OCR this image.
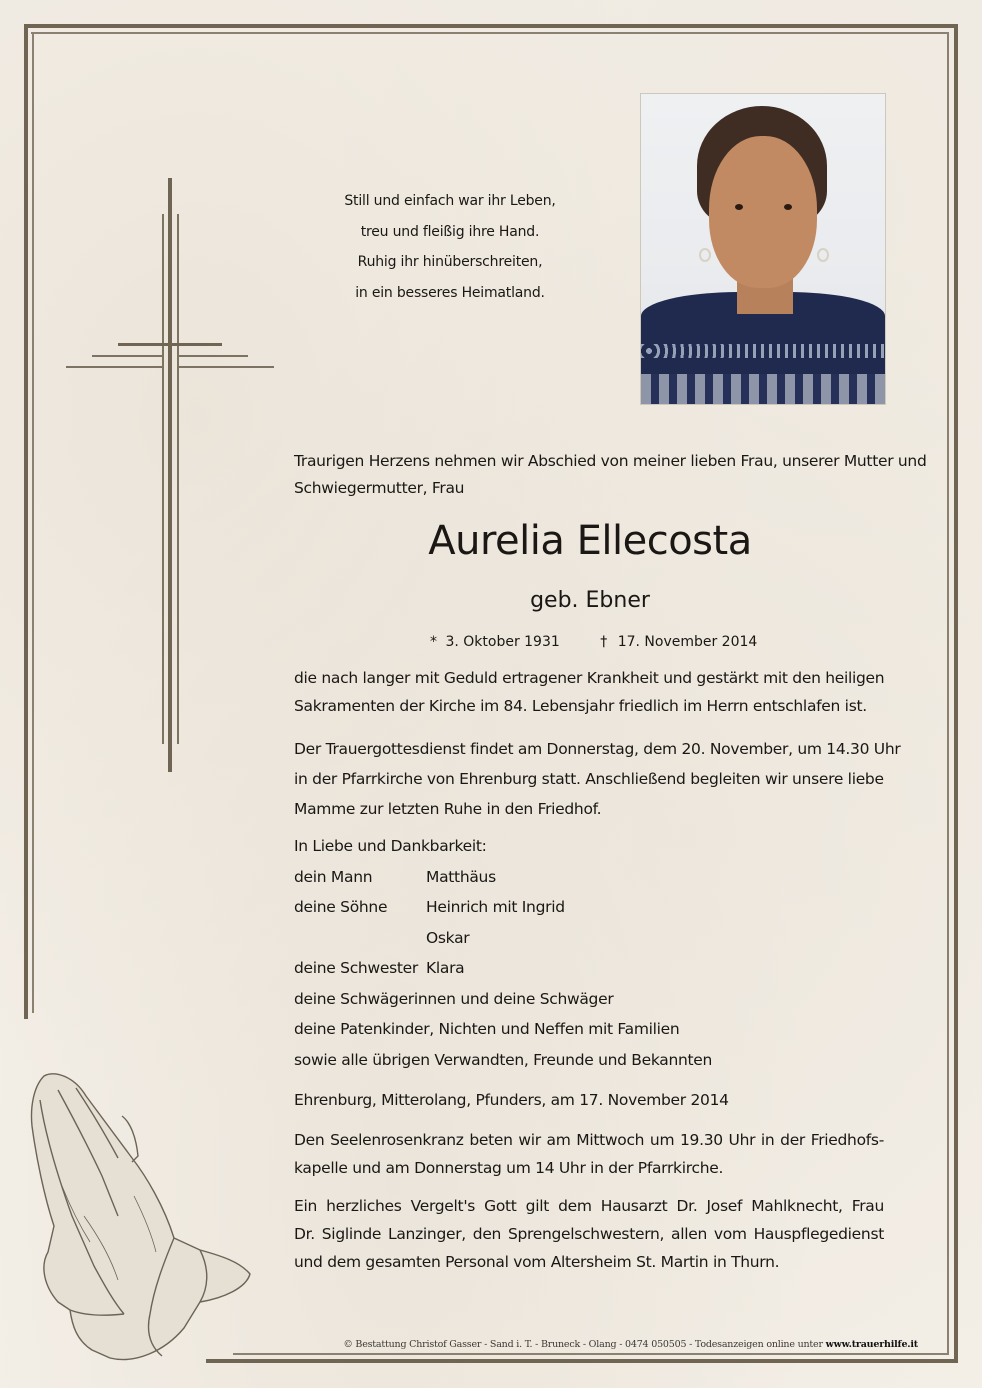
Still und einfach war ihr Leben,
treu und fleißig ihre Hand.
Ruhig ihr hinüberschreiten,
in ein besseres Heimatland.
Traurigen Herzens nehmen wir Abschied von meiner lieben Frau, unserer Mutter und
Schwiegermutter, Frau
Aurelia Ellecosta
geb. Ebner
* 3. Oktober 1931	† 17. November 2014
die nach langer mit Geduld ertragener Krankheit und gestärkt mit den heiligen
Sakramenten der Kirche im 84. Lebensjahr friedlich im Herrn entschlafen ist.
Der Trauergottesdienst findet am Donnerstag, dem 20. November, um 14.30 Uhr
in der Pfarrkirche von Ehrenburg statt. Anschließend begleiten wir unsere liebe
Mamme zur letzten Ruhe in den Friedhof.
In Liebe und Dankbarkeit:
dein Mann	Matthäus
deine Söhne	Heinrich mit Ingrid
Oskar
deine Schwester Klara
deine Schwägerinnen und deine Schwäger
deine Patenkinder, Nichten und Neffen mit Familien
sowie alle übrigen Verwandten, Freunde und Bekannten
Ehrenburg, Mitterolang, Pfunders, am 17. November 2014
Den Seelenrosenkranz beten wir am Mittwoch um 19.30 Uhr in der Friedhofs-
kapelle und am Donnerstag um 14 Uhr in der Pfarrkirche.
Ein herzliches Vergelt's Gott gilt dem Hausarzt Dr. Josef Mahlknecht, Frau
Dr. Siglinde Lanzinger, den Sprengelschwestern, allen vom Hauspflegedienst
und dem gesamten Personal vom Altersheim St. Martin in Thurn.
© Bestattung Christof Gasser - Sand i. T. - Bruneck - Olang - 0474 050505 - Todesanzeigen online unter www.trauerhilfe.it
